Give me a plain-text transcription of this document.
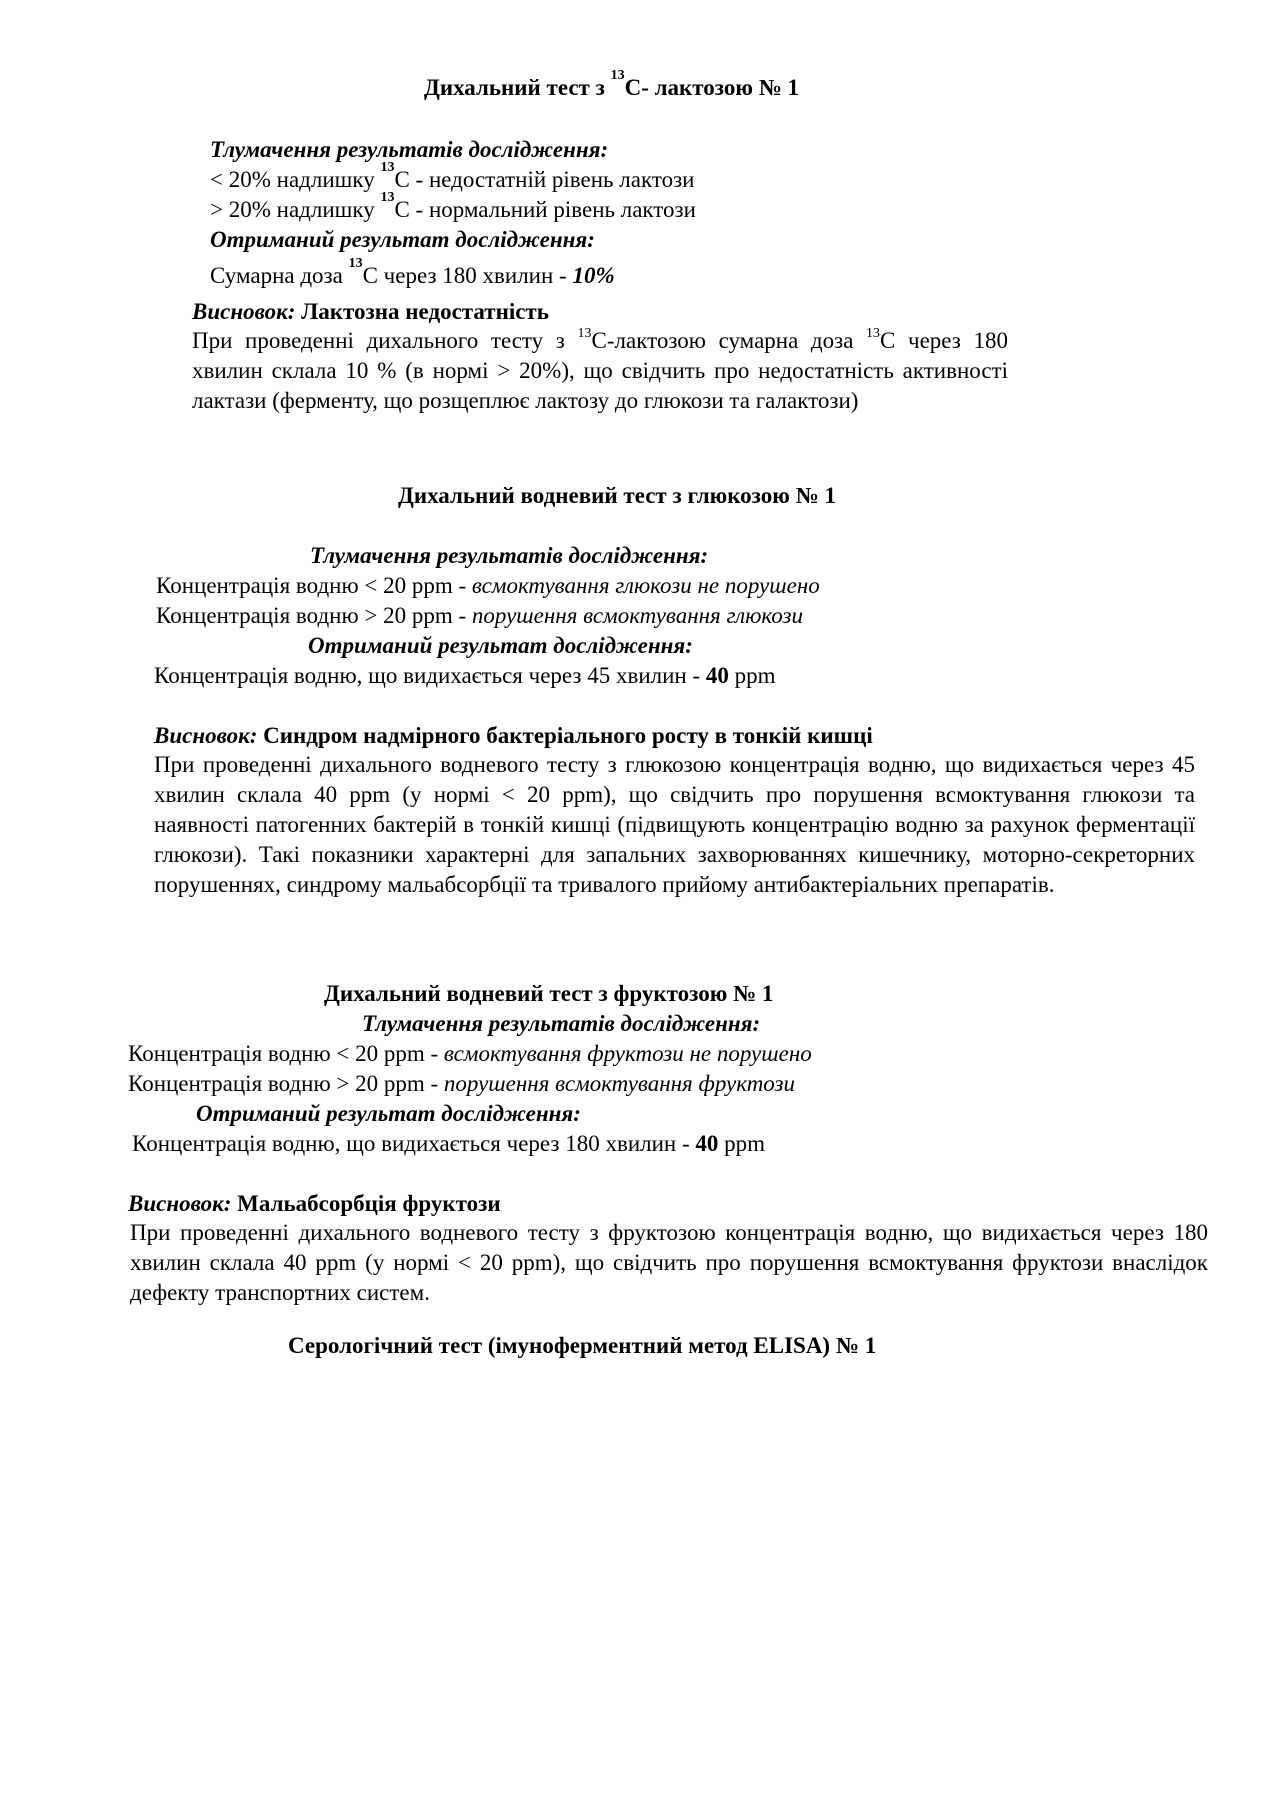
Дихальний тест з $^{13}$C- лактозою № 1
Тлумачення результатів дослідження:
< 20% надлишку $^{13}$C - недостатній рівень лактози
> 20% надлишку $^{13}$C - нормальний рівень лактози
Отриманий результат дослідження:
Сумарна доза $^{13}$C через 180 хвилин - 10%
Висновок: Лактозна недостатність
При проведенні дихального тесту з $^{13}$C-лактозою сумарна доза $^{13}$C через 180 хвилин склала 10 % (в нормі > 20%), що свідчить про недостатність активності лактази (ферменту, що розщеплює лактозу до глюкози та галактози)
Дихальний водневий тест з глюкозою № 1
Тлумачення результатів дослідження:
Концентрація водню < 20 ppm - всмоктування глюкози не порушено
Концентрація водню > 20 ppm - порушення всмоктування глюкози
Отриманий результат дослідження:
Концентрація водню, що видихається через 45 хвилин - 40 ppm
Висновок: Синдром надмірного бактеріального росту в тонкій кишці
При проведенні дихального водневого тесту з глюкозою концентрація водню, що видихається через 45 хвилин склала 40 ppm (у нормі < 20 ppm), що свідчить про порушення всмоктування глюкози та наявності патогенних бактерій в тонкій кишці (підвищують концентрацію водню за рахунок ферментації глюкози). Такі показники характерні для запальних захворюваннях кишечнику, моторно-секреторних порушеннях, синдрому мальабсорбції та тривалого прийому антибактеріальних препаратів.
Дихальний водневий тест з фруктозою № 1
Тлумачення результатів дослідження:
Концентрація водню < 20 ppm - всмоктування фруктози не порушено
Концентрація водню > 20 ppm - порушення всмоктування фруктози
Отриманий результат дослідження:
Концентрація водню, що видихається через 180 хвилин - 40 ppm
Висновок: Мальабсорбція фруктози
При проведенні дихального водневого тесту з фруктозою концентрація водню, що видихається через 180 хвилин склала 40 ppm (у нормі < 20 ppm), що свідчить про порушення всмоктування фруктози внаслідок дефекту транспортних систем.
Серологічний тест (імуноферментний метод ELISA) № 1
